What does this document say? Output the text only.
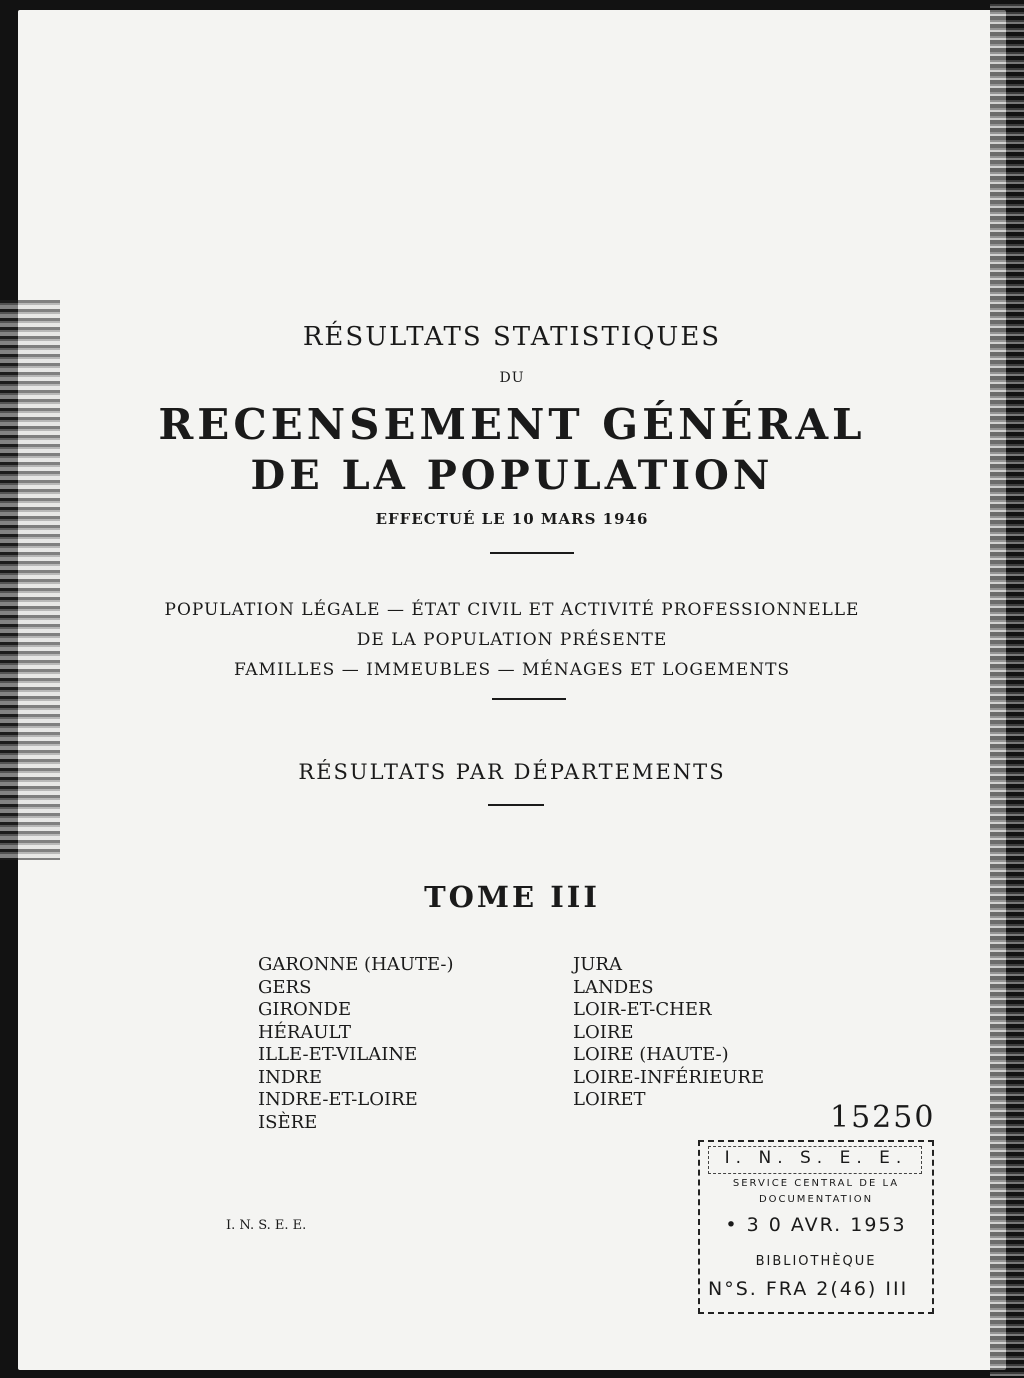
RÉSULTATS STATISTIQUES
DU
RECENSEMENT GÉNÉRAL
DE LA POPULATION
EFFECTUÉ LE 10 MARS 1946
POPULATION LÉGALE — ÉTAT CIVIL ET ACTIVITÉ PROFESSIONNELLE
DE LA POPULATION PRÉSENTE
FAMILLES — IMMEUBLES — MÉNAGES ET LOGEMENTS
RÉSULTATS PAR DÉPARTEMENTS
TOME III
GARONNE (HAUTE-)
GERS
GIRONDE
HÉRAULT
ILLE-ET-VILAINE
INDRE
INDRE-ET-LOIRE
ISÈRE
JURA
LANDES
LOIR-ET-CHER
LOIRE
LOIRE (HAUTE-)
LOIRE-INFÉRIEURE
LOIRET
I. N. S. E. E.
15250
I. N. S. E. E.
SERVICE CENTRAL DE LA
DOCUMENTATION
• 3 0 AVR. 1953
BIBLIOTHÈQUE
N°S. FRA 2(46) III
